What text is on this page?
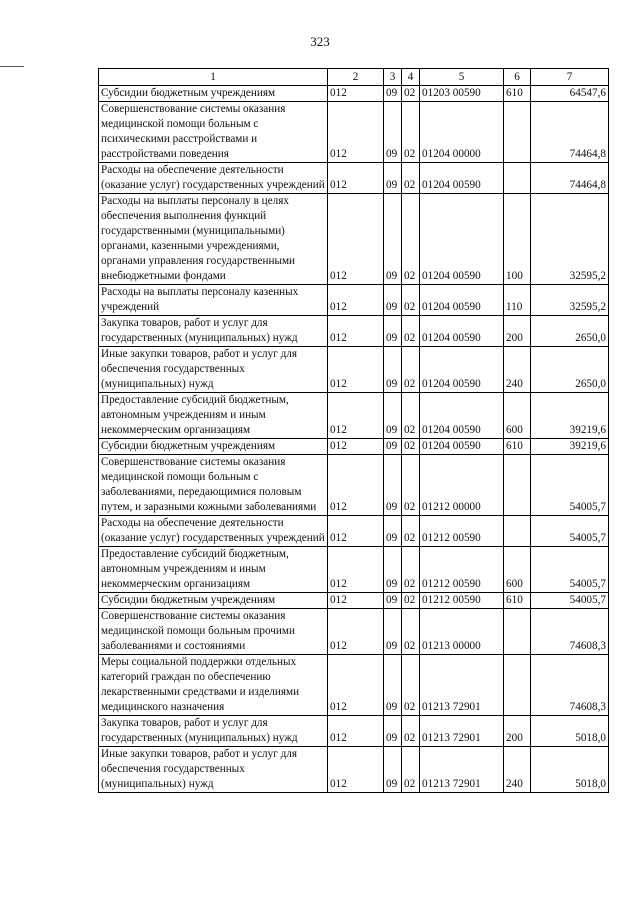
323
1	2	3	4	5	6	7
Субсидии бюджетным учреждениям	012	09	02	01203 00590	610	64547,6
Совершенствование системы оказания медицинской помощи больным с психическими расстройствами и расстройствами поведения	012	09	02	01204 00000		74464,8
Расходы на обеспечение деятельности (оказание услуг) государственных учреждений	012	09	02	01204 00590		74464,8
Расходы на выплаты персоналу в целях обеспечения выполнения функций государственными (муниципальными) органами, казенными учреждениями, органами управления государственными внебюджетными фондами	012	09	02	01204 00590	100	32595,2
Расходы на выплаты персоналу казенных учреждений	012	09	02	01204 00590	110	32595,2
Закупка товаров, работ и услуг для государственных (муниципальных) нужд	012	09	02	01204 00590	200	2650,0
Иные закупки товаров, работ и услуг для обеспечения государственных (муниципальных) нужд	012	09	02	01204 00590	240	2650,0
Предоставление субсидий бюджетным, автономным учреждениям и иным некоммерческим организациям	012	09	02	01204 00590	600	39219,6
Субсидии бюджетным учреждениям	012	09	02	01204 00590	610	39219,6
Совершенствование системы оказания медицинской помощи больным с заболеваниями, передающимися половым путем, и заразными кожными заболеваниями	012	09	02	01212 00000		54005,7
Расходы на обеспечение деятельности (оказание услуг) государственных учреждений	012	09	02	01212 00590		54005,7
Предоставление субсидий бюджетным, автономным учреждениям и иным некоммерческим организациям	012	09	02	01212 00590	600	54005,7
Субсидии бюджетным учреждениям	012	09	02	01212 00590	610	54005,7
Совершенствование системы оказания медицинской помощи больным прочими заболеваниями и состояниями	012	09	02	01213 00000		74608,3
Меры социальной поддержки отдельных категорий граждан по обеспечению лекарственными средствами и изделиями медицинского назначения	012	09	02	01213 72901		74608,3
Закупка товаров, работ и услуг для государственных (муниципальных) нужд	012	09	02	01213 72901	200	5018,0
Иные закупки товаров, работ и услуг для обеспечения государственных (муниципальных) нужд	012	09	02	01213 72901	240	5018,0
